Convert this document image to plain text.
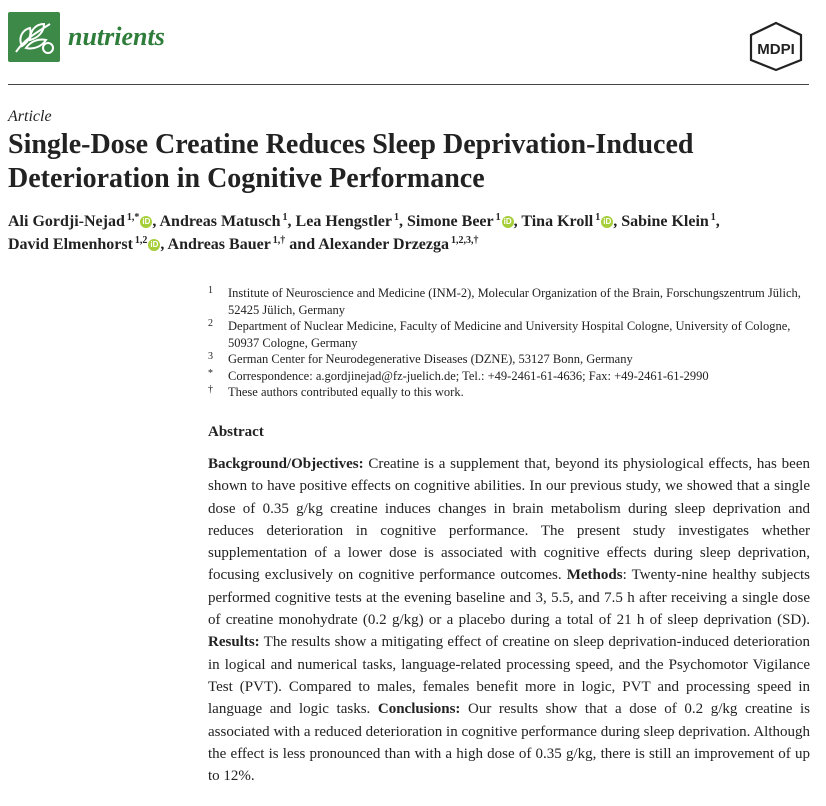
nutrients	MDPI
Article
Single-Dose Creatine Reduces Sleep Deprivation-Induced Deterioration in Cognitive Performance
Ali Gordji-Nejad $^{1,*}$ iD , Andreas Matusch $^1$, Lea Hengstler $^1$, Simone Beer $^1$ iD , Tina Kroll $^1$ iD , Sabine Klein $^1$,
David Elmenhorst $^{1,2}$ iD , Andreas Bauer $^{1,\dagger}$ and Alexander Drzezga $^{1,2,3,\dagger}$
1	Institute of Neuroscience and Medicine (INM-2), Molecular Organization of the Brain, Forschungszentrum Jülich, 52425 Jülich, Germany
2	Department of Nuclear Medicine, Faculty of Medicine and University Hospital Cologne, University of Cologne, 50937 Cologne, Germany
3	German Center for Neurodegenerative Diseases (DZNE), 53127 Bonn, Germany
*	Correspondence: a.gordjinejad@fz-juelich.de; Tel.: +49-2461-61-4636; Fax: +49-2461-61-2990
†	These authors contributed equally to this work.
Abstract

Background/Objectives: Creatine is a supplement that, beyond its physiological effects, has been shown to have positive effects on cognitive abilities. In our previous study, we showed that a single dose of 0.35 g/kg creatine induces changes in brain metabolism during sleep deprivation and reduces deterioration in cognitive performance. The present study investigates whether supplementation of a lower dose is associated with cognitive effects during sleep deprivation, focusing exclusively on cognitive performance outcomes. Methods: Twenty-nine healthy subjects performed cognitive tests at the evening baseline and 3, 5.5, and 7.5 h after receiving a single dose of creatine monohydrate (0.2 g/kg) or a placebo during a total of 21 h of sleep deprivation (SD). Results: The results show a mitigating effect of creatine on sleep deprivation-induced deterioration in logical and numerical tasks, language-related processing speed, and the Psychomotor Vigilance Test (PVT). Compared to males, females benefit more in logic, PVT and processing speed in language and logic tasks. Conclusions: Our results show that a dose of 0.2 g/kg creatine is associated with a reduced deterioration in cognitive performance during sleep deprivation. Although the effect is less pronounced than with a high dose of 0.35 g/kg, there is still an improvement of up to 12%.
